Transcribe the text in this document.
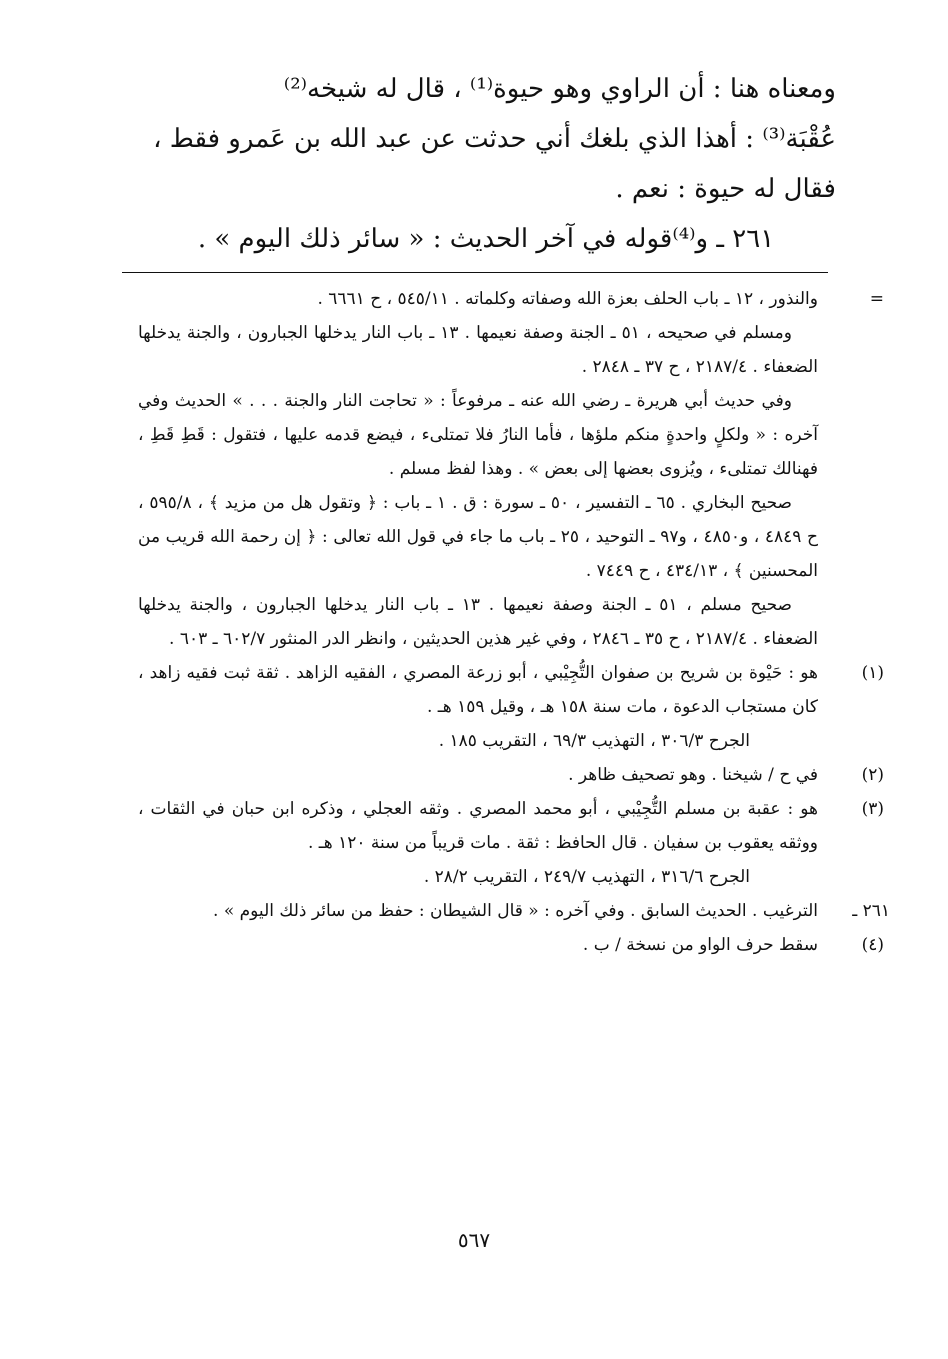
ومعناه هنا : أن الراوي وهو حيوة⁽¹⁾ ، قال له شيخه⁽²⁾

عُقْبَة⁽³⁾ : أهذا الذي بلغك أني حدثت عن عبد الله بن عَمرو فقط ،

فقال له حيوة : نعم .

٢٦١ ـ و⁽⁴⁾قوله في آخر الحديث : « سائر ذلك اليوم » .

=
والنذور ، ١٢ ـ باب الحلف بعزة الله وصفاته وكلماته . ٥٤٥/١١ ، ح ٦٦٦١ .

ومسلم في صحيحه ، ٥١ ـ الجنة وصفة نعيمها . ١٣ ـ باب النار يدخلها الجبارون ، والجنة يدخلها الضعفاء . ٢١٨٧/٤ ، ح ٣٧ ـ ٢٨٤٨ .

وفي حديث أبي هريرة ـ رضي الله عنه ـ مرفوعاً : « تحاجت النار والجنة . . . » الحديث وفي آخره : « ولكلٍ واحدةٍ منكم ملؤها ، فأما النارُ فلا تمتلىء ، فيضع قدمه عليها ، فتقول : قَطِ قَطِ ، فهنالك تمتلىء ، ويُزوى بعضها إلى بعض » . وهذا لفظ مسلم .

صحيح البخاري . ٦٥ ـ التفسير ، ٥٠ ـ سورة : ق . ١ ـ باب : ﴿ وتقول هل من مزيد ﴾ ، ٥٩٥/٨ ، ح ٤٨٤٩ ، و٤٨٥٠ ، و٩٧ ـ التوحيد ، ٢٥ ـ باب ما جاء في قول الله تعالى : ﴿ إن رحمة الله قريب من المحسنين ﴾ ، ٤٣٤/١٣ ، ح ٧٤٤٩ .

صحيح مسلم ، ٥١ ـ الجنة وصفة نعيمها . ١٣ ـ باب النار يدخلها الجبارون ، والجنة يدخلها الضعفاء . ٢١٨٧/٤ ، ح ٣٥ ـ ٢٨٤٦ ، وفي غير هذين الحديثين ، وانظر الدر المنثور ٦٠٢/٧ ـ ٦٠٣ .

(١)
هو : حَيْوة بن شريح بن صفوان التُّجِيْبي ، أبو زرعة المصري ، الفقيه الزاهد . ثقة ثبت فقيه زاهد ، كان مستجاب الدعوة ، مات سنة ١٥٨ هـ ، وقيل ١٥٩ هـ .

الجرح ٣٠٦/٣ ، التهذيب ٦٩/٣ ، التقريب ١٨٥ .

(٢)
في ح / شيخنا . وهو تصحيف ظاهر .

(٣)
هو : عقبة بن مسلم التُّجِيْبي ، أبو محمد المصري . وثقه العجلي ، وذكره ابن حبان في الثقات ، ووثقه يعقوب بن سفيان . قال الحافظ : ثقة . مات قريباً من سنة ١٢٠ هـ .

الجرح ٣١٦/٦ ، التهذيب ٢٤٩/٧ ، التقريب ٢٨/٢ .

٢٦١ ـ
الترغيب . الحديث السابق . وفي آخره : « قال الشيطان : حفظ من سائر ذلك اليوم » .

(٤)
سقط حرف الواو من نسخة / ب .

٥٦٧
